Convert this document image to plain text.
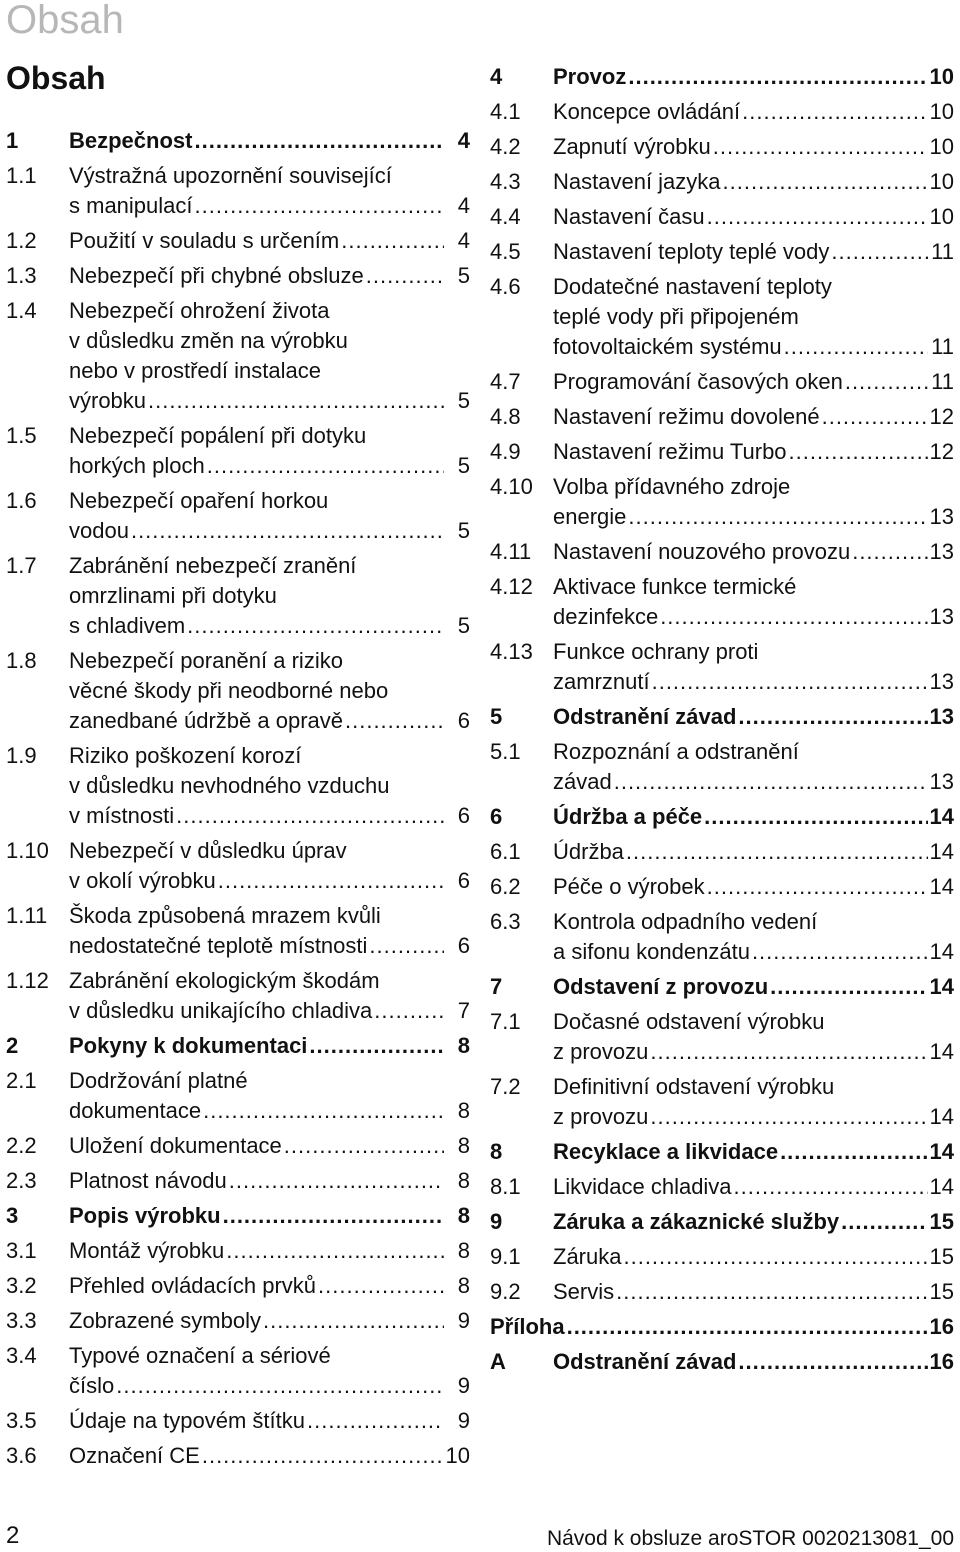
Obsah
Obsah
1 Bezpečnost .....	4
1.1 Výstražná upozornění související
s manipulací .....	4
1.2 Použití v souladu s určením .....	4
1.3 Nebezpečí při chybné obsluze .....	5
1.4 Nebezpečí ohrožení života
v důsledku změn na výrobku
nebo v prostředí instalace
výrobku .....	5
1.5 Nebezpečí popálení při dotyku
horkých ploch .....	5
1.6 Nebezpečí opaření horkou
vodou .....	5
1.7 Zabránění nebezpečí zranění
omrzlinami při dotyku
s chladivem .....	5
1.8 Nebezpečí poranění a riziko
věcné škody při neodborné nebo
zanedbané údržbě a opravě .....	6
1.9 Riziko poškození korozí
v důsledku nevhodného vzduchu
v místnosti .....	6
1.10 Nebezpečí v důsledku úprav
v okolí výrobku .....	6
1.11 Škoda způsobená mrazem kvůli
nedostatečné teplotě místnosti .....	6
1.12 Zabránění ekologickým škodám
v důsledku unikajícího chladiva .....	7
2 Pokyny k dokumentaci .....	8
2.1 Dodržování platné
dokumentace .....	8
2.2 Uložení dokumentace .....	8
2.3 Platnost návodu .....	8
3 Popis výrobku .....	8
3.1 Montáž výrobku .....	8
3.2 Přehled ovládacích prvků .....	8
3.3 Zobrazené symboly .....	9
3.4 Typové označení a sériové
číslo .....	9
3.5 Údaje na typovém štítku .....	9
3.6 Označení CE .....	10
4 Provoz .....	10
4.1 Koncepce ovládání .....	10
4.2 Zapnutí výrobku .....	10
4.3 Nastavení jazyka .....	10
4.4 Nastavení času .....	10
4.5 Nastavení teploty teplé vody .....	11
4.6 Dodatečné nastavení teploty
teplé vody při připojeném
fotovoltaickém systému .....	11
4.7 Programování časových oken .....	11
4.8 Nastavení režimu dovolené .....	12
4.9 Nastavení režimu Turbo .....	12
4.10 Volba přídavného zdroje
energie .....	13
4.11 Nastavení nouzového provozu .....	13
4.12 Aktivace funkce termické
dezinfekce .....	13
4.13 Funkce ochrany proti
zamrznutí .....	13
5 Odstranění závad .....	13
5.1 Rozpoznání a odstranění
závad .....	13
6 Údržba a péče .....	14
6.1 Údržba .....	14
6.2 Péče o výrobek .....	14
6.3 Kontrola odpadního vedení
a sifonu kondenzátu .....	14
7 Odstavení z provozu .....	14
7.1 Dočasné odstavení výrobku
z provozu .....	14
7.2 Definitivní odstavení výrobku
z provozu .....	14
8 Recyklace a likvidace .....	14
8.1 Likvidace chladiva .....	14
9 Záruka a zákaznické služby .....	15
9.1 Záruka .....	15
9.2 Servis .....	15
Příloha .....	16
A Odstranění závad .....	16
2	Návod k obsluze aroSTOR 0020213081_00
